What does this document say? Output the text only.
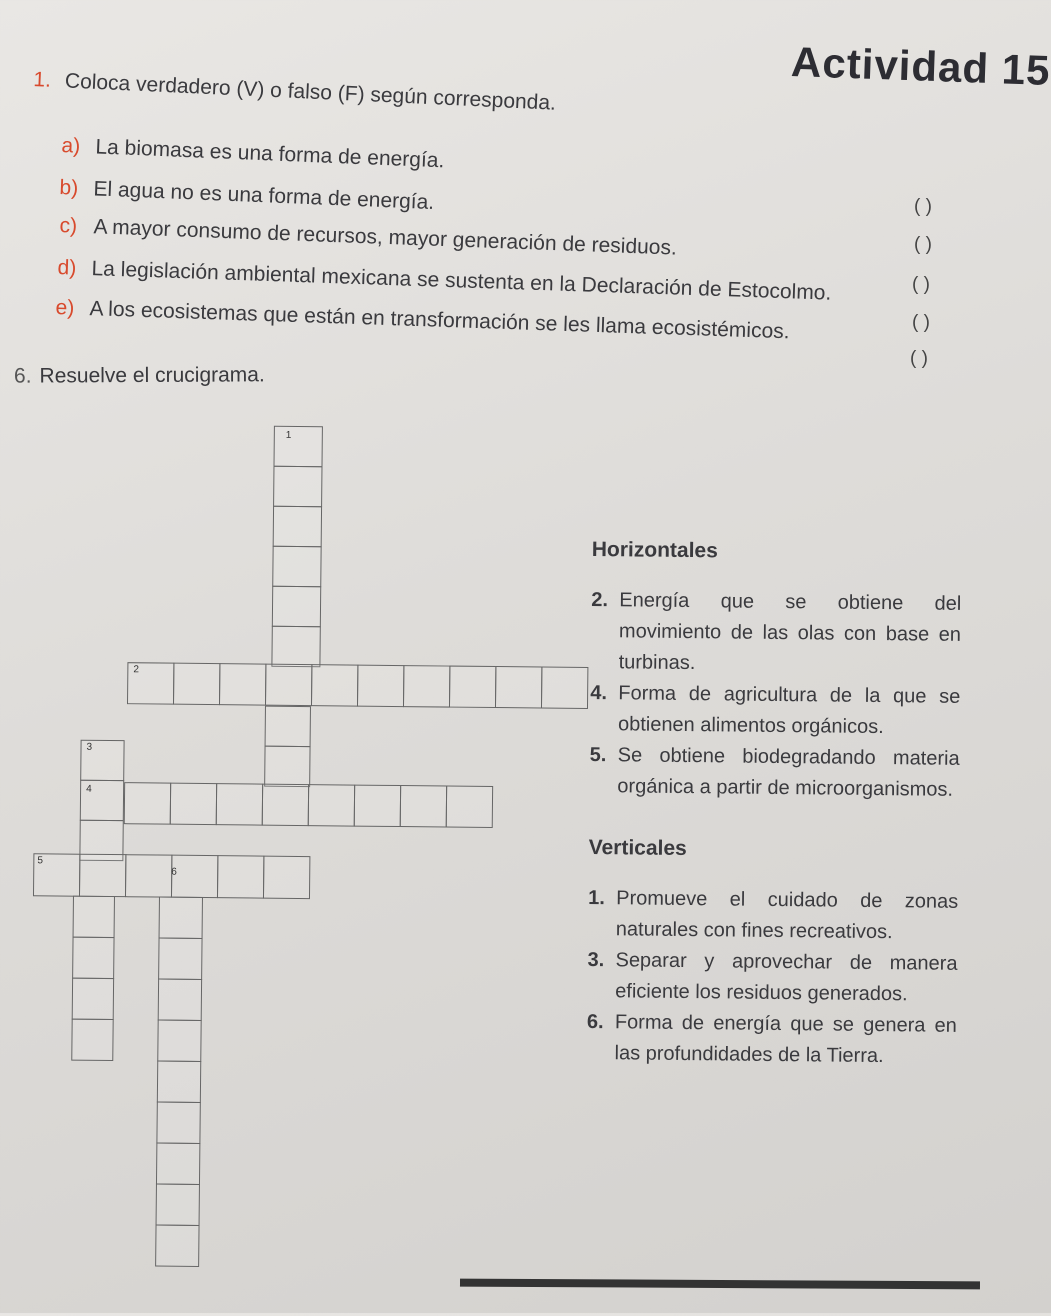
Actividad 15
1. Coloca verdadero (V) o falso (F) según corresponda.
a) La biomasa es una forma de energía.
b) El agua no es una forma de energía.
c) A mayor consumo de recursos, mayor generación de residuos.
d) La legislación ambiental mexicana se sustenta en la Declaración de Estocolmo.
e) A los ecosistemas que están en transformación se les llama ecosistémicos.
( )
( )
( )
( )
( )
6. Resuelve el crucigrama.
1
2
3
4
5
6
Horizontales
2. Energía que se obtiene del movimiento de las olas con base en turbinas.
4. Forma de agricultura de la que se obtienen alimentos orgánicos.
5. Se obtiene biodegradando materia orgánica a partir de microorganismos.
Verticales
1. Promueve el cuidado de zonas naturales con fines recreativos.
3. Separar y aprovechar de manera eficiente los residuos generados.
6. Forma de energía que se genera en las profundidades de la Tierra.
